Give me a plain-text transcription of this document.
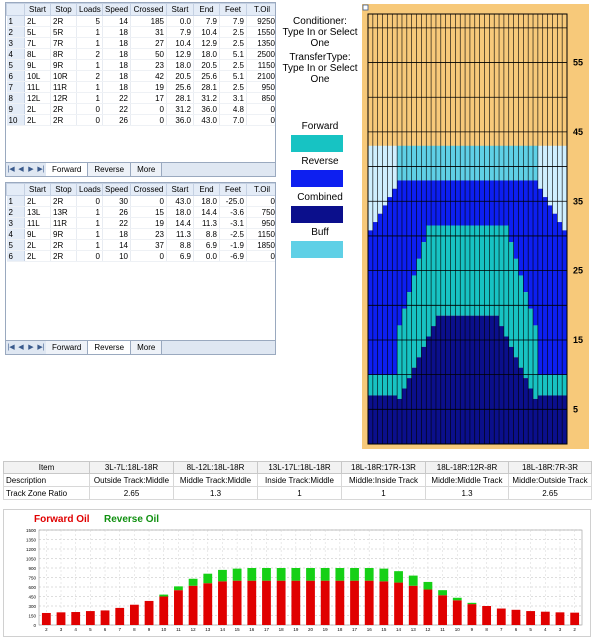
	Start	Stop	Loads	Speed	Crossed	Start	End	Feet	T.Oil
1	2L	2R	5	14	185	0.0	7.9	7.9	9250
2	5L	5R	1	18	31	7.9	10.4	2.5	1550
3	7L	7R	1	18	27	10.4	12.9	2.5	1350
4	8L	8R	2	18	50	12.9	18.0	5.1	2500
5	9L	9R	1	18	23	18.0	20.5	2.5	1150
6	10L	10R	2	18	42	20.5	25.6	5.1	2100
7	11L	11R	1	18	19	25.6	28.1	2.5	950
8	12L	12R	1	22	17	28.1	31.2	3.1	850
9	2L	2R	0	22	0	31.2	36.0	4.8	0
10	2L	2R	0	26	0	36.0	43.0	7.0	0
|◀ ◀ ▶ ▶| Forward	Reverse	More
	Start	Stop	Loads	Speed	Crossed	Start	End	Feet	T.Oil
1	2L	2R	0	30	0	43.0	18.0	-25.0	0
2	13L	13R	1	26	15	18.0	14.4	-3.6	750
3	11L	11R	1	22	19	14.4	11.3	-3.1	950
4	9L	9R	1	18	23	11.3	8.8	-2.5	1150
5	2L	2R	1	14	37	8.8	6.9	-1.9	1850
6	2L	2R	0	10	0	6.9	0.0	-6.9	0
|◀ ◀ ▶ ▶| Forward	Reverse	More
Conditioner: Type In or Select One
TransferType: Type In or Select One
Forward
Reverse
Combined
Buff
55
45
35
25
15
5
Item	3L-7L:18L-18R	8L-12L:18L-18R	13L-17L:18L-18R	18L-18R:17R-13R	18L-18R:12R-8R	18L-18R:7R-3R
Description	Outside Track:Middle	Middle Track:Middle	Inside Track:Middle	Middle:Inside Track	Middle:Middle Track	Middle:Outside Track
Track Zone Ratio	2.65	1.3	1	1	1.3	2.65
Forward Oil Reverse Oil
0
150
300
450
600
750
900
1050
1200
1350
1500
2	3	4	5	6	7	8	9 10 11 12 13 14 15 16 17 18 19 20 19 18 17 16 15 14 13 12 11 10 9	8	7	6	5	4	3	2
